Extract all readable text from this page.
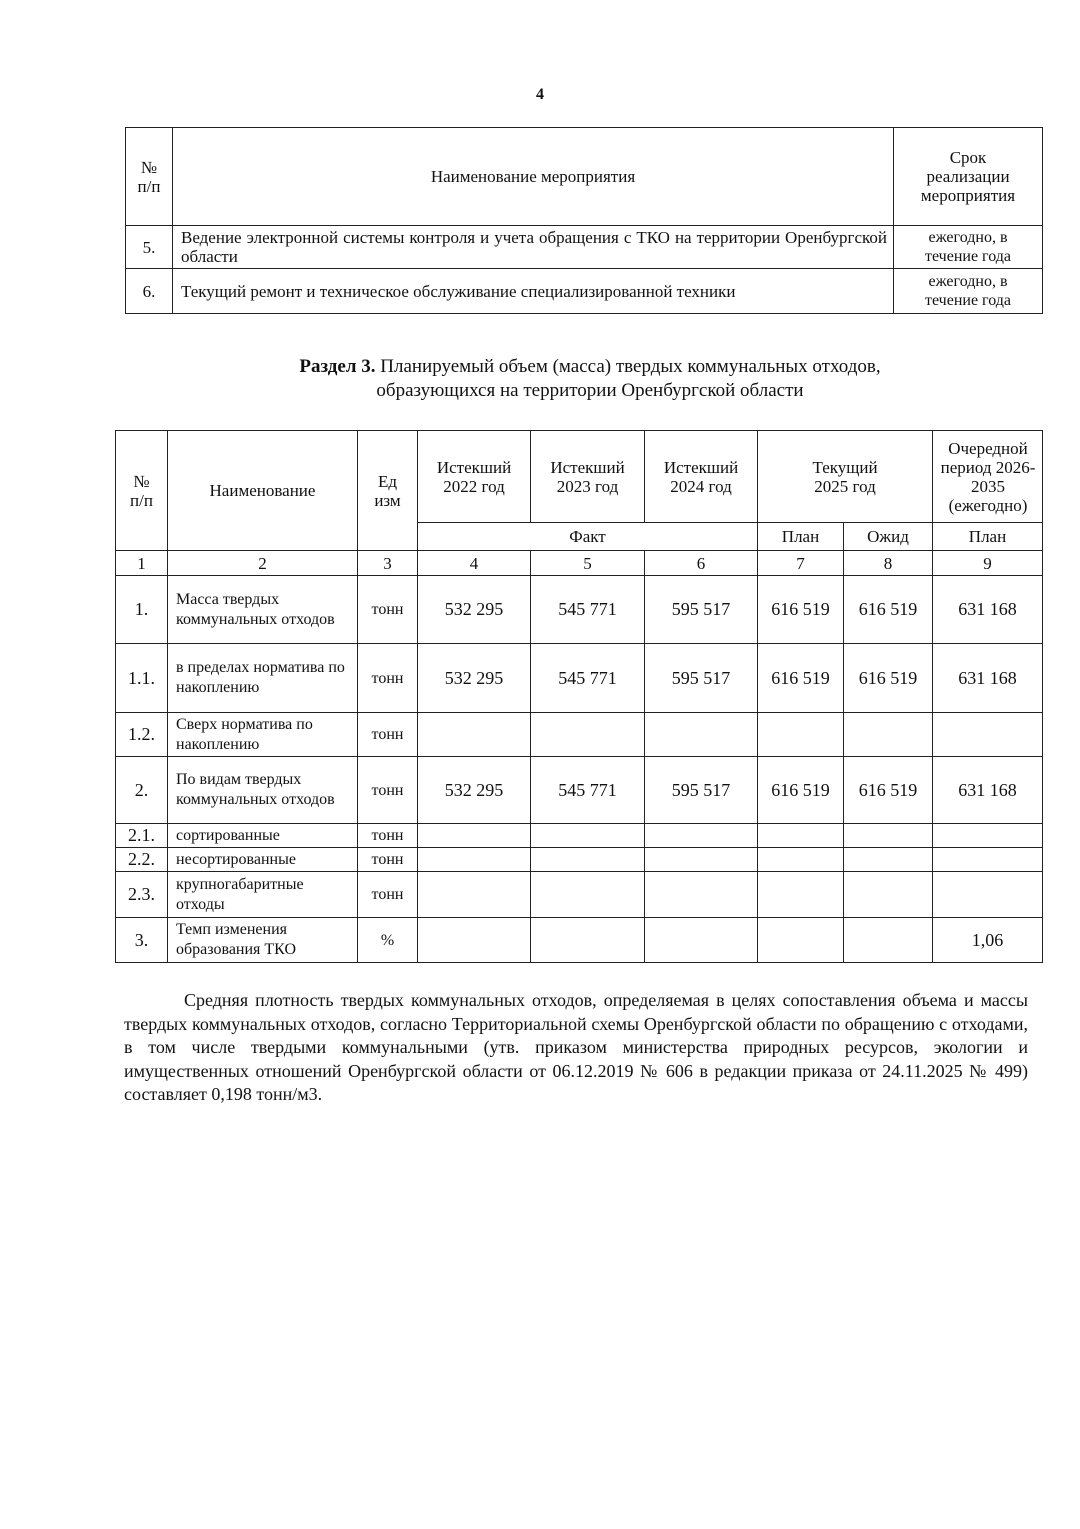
4
№ п/п	Наименование мероприятия	Срок реализации мероприятия
5.	Ведение электронной системы контроля и учета обращения с ТКО на территории Оренбургской области	ежегодно, в течение года
6.	Текущий ремонт и техническое обслуживание специализированной техники	ежегодно, в течение года
Раздел 3. Планируемый объем (масса) твердых коммунальных отходов,
образующихся на территории Оренбургской области
№ п/п	Наименование	Ед изм	Истекший 2022 год	Истекший 2023 год	Истекший 2024 год	Текущий 2025 год		Очередной период 2026-2035 (ежегодно)
			Факт			План	Ожид	План
1	2	3	4	5	6	7	8	9
1.	Масса твердых коммунальных отходов	тонн	532 295	545 771	595 517	616 519	616 519	631 168
1.1.	в пределах норматива по накоплению	тонн	532 295	545 771	595 517	616 519	616 519	631 168
1.2.	Сверх норматива по накоплению	тонн						
2.	По видам твердых коммунальных отходов	тонн	532 295	545 771	595 517	616 519	616 519	631 168
2.1.	сортированные	тонн						
2.2.	несортированные	тонн						
2.3.	крупногабаритные отходы	тонн						
3.	Темп изменения образования ТКО	%						1,06
Средняя плотность твердых коммунальных отходов, определяемая в целях сопоставления объема и массы твердых коммунальных отходов, согласно Территориальной схемы Оренбургской области по обращению с отходами, в том числе твердыми коммунальными (утв. приказом министерства природных ресурсов, экологии и имущественных отношений Оренбургской области от 06.12.2019 № 606 в редакции приказа от 24.11.2025 № 499) составляет 0,198 тонн/м3.
